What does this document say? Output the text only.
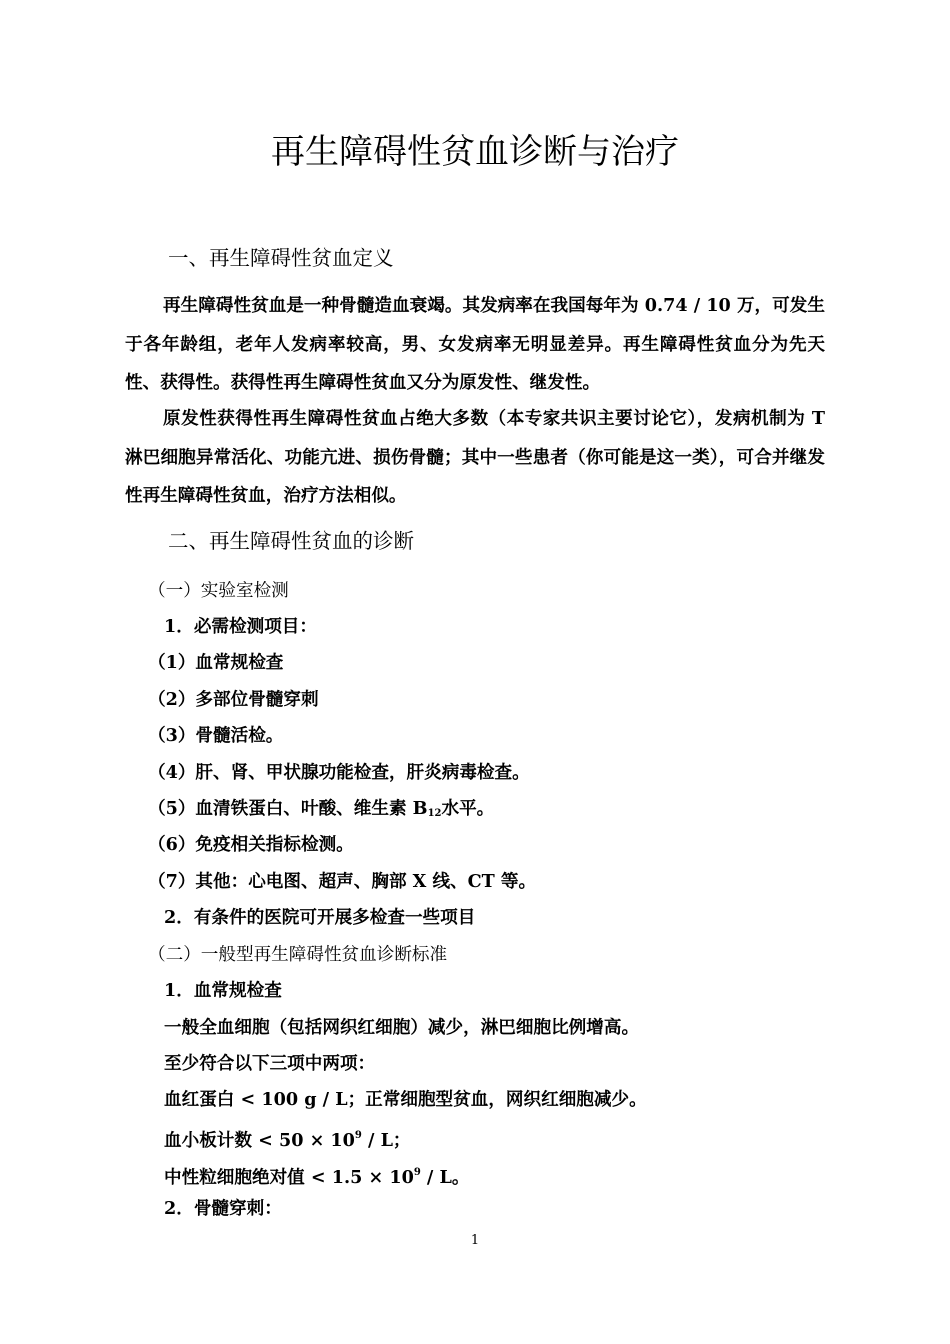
再生障碍性贫血诊断与治疗
一、再生障碍性贫血定义

再生障碍性贫血是一种骨髓造血衰竭。其发病率在我国每年为 0.74 / 10 万，可发生于各年龄组，老年人发病率较高，男、女发病率无明显差异。再生障碍性贫血分为先天性、获得性。获得性再生障碍性贫血又分为原发性、继发性。

原发性获得性再生障碍性贫血占绝大多数（本专家共识主要讨论它），发病机制为 T 淋巴细胞异常活化、功能亢进、损伤骨髓；其中一些患者（你可能是这一类），可合并继发性再生障碍性贫血，治疗方法相似。

二、再生障碍性贫血的诊断
（一）实验室检测
1．必需检测项目：
（1）血常规检查
（2）多部位骨髓穿刺
（3）骨髓活检。
（4）肝、肾、甲状腺功能检查，肝炎病毒检查。
（5）血清铁蛋白、叶酸、维生素 $B_{12}$水平。
（6）免疫相关指标检测。
（7）其他：心电图、超声、胸部 X 线、CT 等。
2．有条件的医院可开展多检查一些项目
（二）一般型再生障碍性贫血诊断标准
1．血常规检查
一般全血细胞（包括网织红细胞）减少，淋巴细胞比例增高。
至少符合以下三项中两项：
血红蛋白 < 100 g / L；正常细胞型贫血，网织红细胞减少。
血小板计数 < $50 \times 10^9 / L$；
中性粒细胞绝对值 < $1.5 \times 10^9 / L$。
2．骨髓穿刺：
1
